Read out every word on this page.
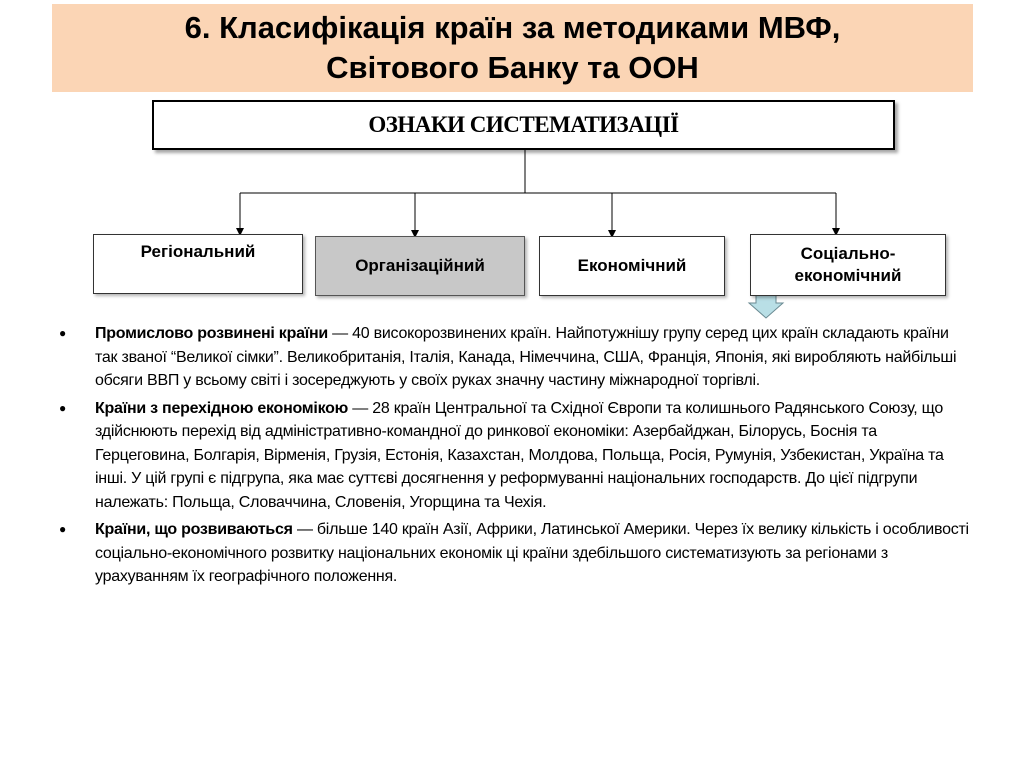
6. Класифікація країн за методиками МВФ,
Світового Банку та ООН
ОЗНАКИ СИСТЕМАТИЗАЦІЇ
Регіональний
Організаційний	Економічний
Соціально-
економічний
●	Промислово розвинені країни — 40 високорозвинених країн. Найпотужнішу групу серед цих країн складають країни так званої “Великої сімки”. Великобританія, Італія, Канада, Німеччина, США, Франція, Японія, які виробляють найбільші обсяги ВВП у всьому світі і зосереджують у своїх руках значну частину міжнародної торгівлі.
●	Країни з перехідною економікою — 28 країн Центральної та Східної Європи та колишнього Радянського Союзу, що здійснюють перехід від адміністративно-командної до ринкової економіки: Азербайджан, Білорусь, Боснія та Герцеговина, Болгарія, Вірменія, Грузія, Естонія, Казахстан, Молдова, Польща, Росія, Румунія, Узбекистан, Україна та інші. У цій групі є підгрупа, яка має суттєві досягнення у реформуванні національних господарств. До цієї підгрупи належать: Польща, Словаччина, Словенія, Угорщина та Чехія.
●	Країни, що розвиваються — більше 140 країн Азії, Африки, Латинської Америки. Через їх велику кількість і особливості соціально-економічного розвитку національних економік ці країни здебільшого систематизують за регіонами з урахуванням їх географічного положення.
